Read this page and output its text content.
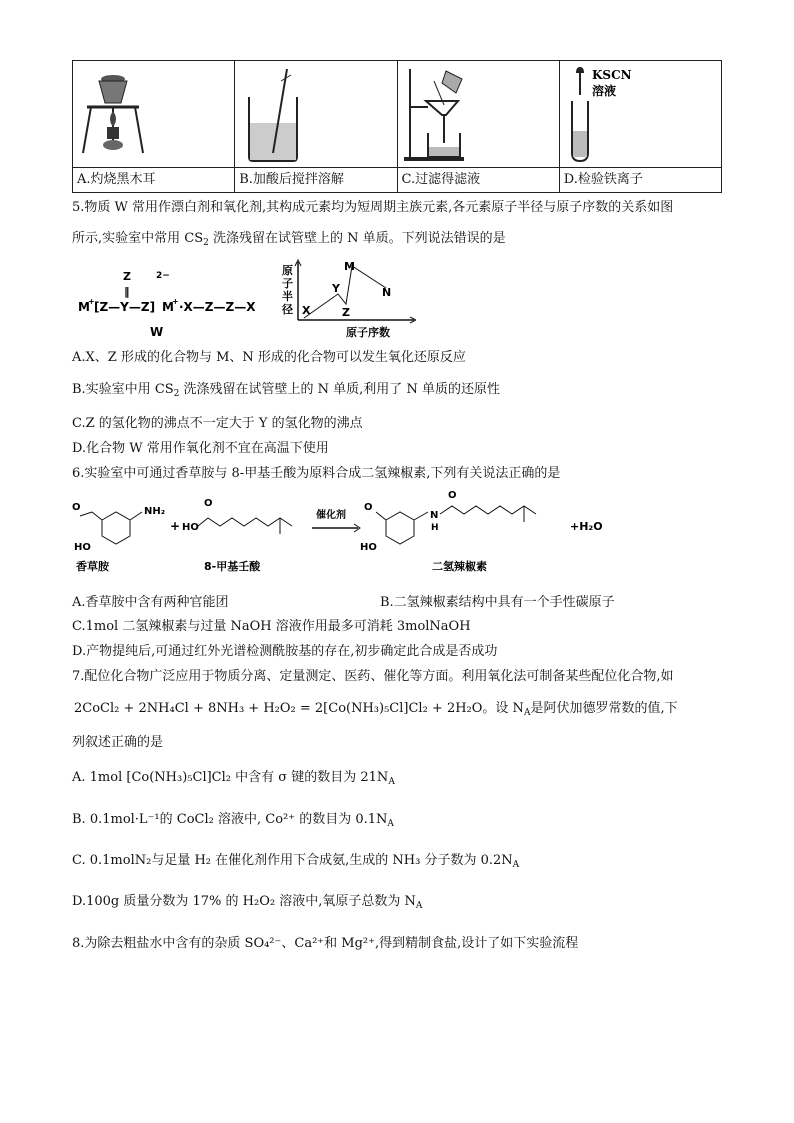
KSCN
溶液

A.灼烧黑木耳	B.加酸后搅拌溶解	C.过滤得滤液	D.检验铁离子
5.物质 W 常用作漂白剂和氧化剂,其构成元素均为短周期主族元素,各元素原子半径与原子序数的关系如图
所示,实验室中常用 $CS_2$ 洗涤残留在试管壁上的 N 单质。下列说法错误的是
M
+ [Z—Y—Z]
Z
‖
2−
M
+ ·X—Z—Z—X
W
原
子
半
径 X
Y
Z
M
N
原子序数
A.X、Z 形成的化合物与 M、N 形成的化合物可以发生氧化还原反应
B.实验室中用 $CS_2$ 洗涤残留在试管壁上的 N 单质,利用了 N 单质的还原性
C.Z 的氢化物的沸点不一定大于 Y 的氢化物的沸点
D.化合物 W 常用作氧化剂不宜在高温下使用
6.实验室中可通过香草胺与 8-甲基壬酸为原料合成二氢辣椒素,下列有关说法正确的是
O
HO
NH₂
+ HO
O
香草胺	8-甲基壬酸
催化剂
O
HO
N
H
O
+H₂O
二氢辣椒素
A.香草胺中含有两种官能团	B.二氢辣椒素结构中具有一个手性碳原子
C.1mol 二氢辣椒素与过量 NaOH 溶液作用最多可消耗 3molNaOH
D.产物提纯后,可通过红外光谱检测酰胺基的存在,初步确定此合成是否成功
7.配位化合物广泛应用于物质分离、定量测定、医药、催化等方面。利用氧化法可制备某些配位化合物,如
2CoCl₂ + 2NH₄Cl + 8NH₃ + H₂O₂ = 2[Co(NH₃)₅Cl]Cl₂ + 2H₂O。设 $N_A$是阿伏加德罗常数的值,下
列叙述正确的是
A. 1mol [Co(NH₃)₅Cl]Cl₂ 中含有 σ 键的数目为 $21N_A$
B. 0.1mol·L⁻¹的 CoCl₂ 溶液中, Co²⁺ 的数目为 $0.1N_A$
C. 0.1molN₂与足量 H₂ 在催化剂作用下合成氨,生成的 NH₃ 分子数为 $0.2N_A$
D.100g 质量分数为 17% 的 H₂O₂ 溶液中,氧原子总数为 $N_A$
8.为除去粗盐水中含有的杂质 SO₄²⁻、Ca²⁺和 Mg²⁺,得到精制食盐,设计了如下实验流程
